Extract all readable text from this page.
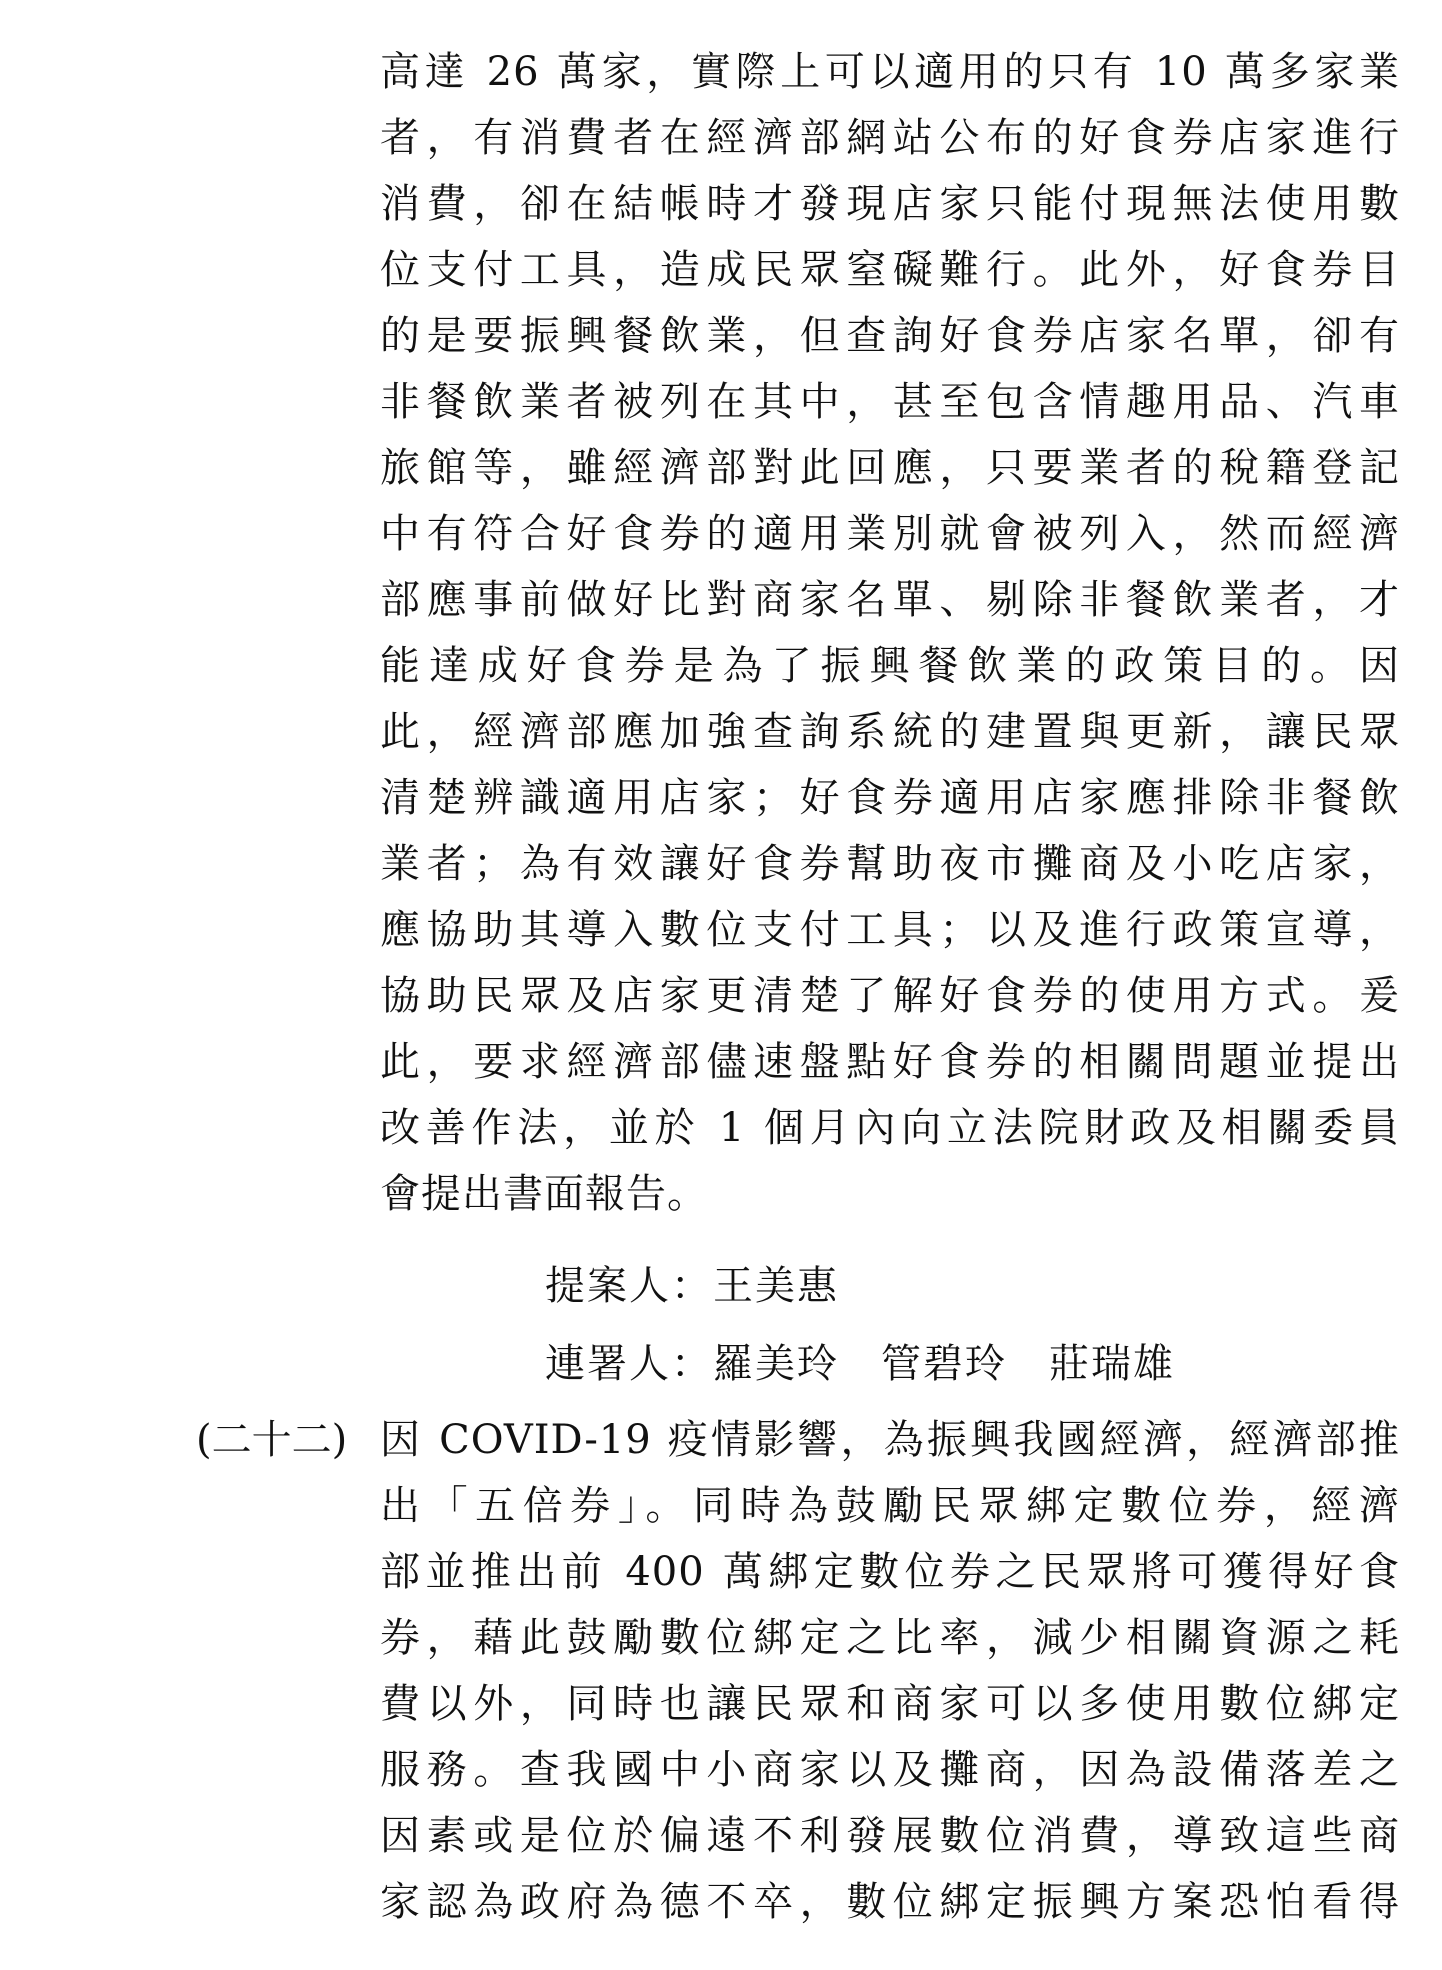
高達 26 萬家，實際上可以適用的只有 10 萬多家業
者，有消費者在經濟部網站公布的好食券店家進行
消費，卻在結帳時才發現店家只能付現無法使用數
位支付工具，造成民眾窒礙難行。此外，好食券目
的是要振興餐飲業，但查詢好食券店家名單，卻有
非餐飲業者被列在其中，甚至包含情趣用品、汽車
旅館等，雖經濟部對此回應，只要業者的稅籍登記
中有符合好食券的適用業別就會被列入，然而經濟
部應事前做好比對商家名單、剔除非餐飲業者，才
能達成好食券是為了振興餐飲業的政策目的。因
此，經濟部應加強查詢系統的建置與更新，讓民眾
清楚辨識適用店家；好食券適用店家應排除非餐飲
業者；為有效讓好食券幫助夜市攤商及小吃店家，
應協助其導入數位支付工具；以及進行政策宣導，
協助民眾及店家更清楚了解好食券的使用方式。爰
此，要求經濟部儘速盤點好食券的相關問題並提出
改善作法，並於 1 個月內向立法院財政及相關委員
會提出書面報告。
提案人：王美惠
連署人：羅美玲　管碧玲　莊瑞雄
(二十二) 因 COVID-19 疫情影響，為振興我國經濟，經濟部推
出「五倍券」。同時為鼓勵民眾綁定數位券，經濟
部並推出前 400 萬綁定數位券之民眾將可獲得好食
券，藉此鼓勵數位綁定之比率，減少相關資源之耗
費以外，同時也讓民眾和商家可以多使用數位綁定
服務。查我國中小商家以及攤商，因為設備落差之
因素或是位於偏遠不利發展數位消費，導致這些商
家認為政府為德不卒，數位綁定振興方案恐怕看得
